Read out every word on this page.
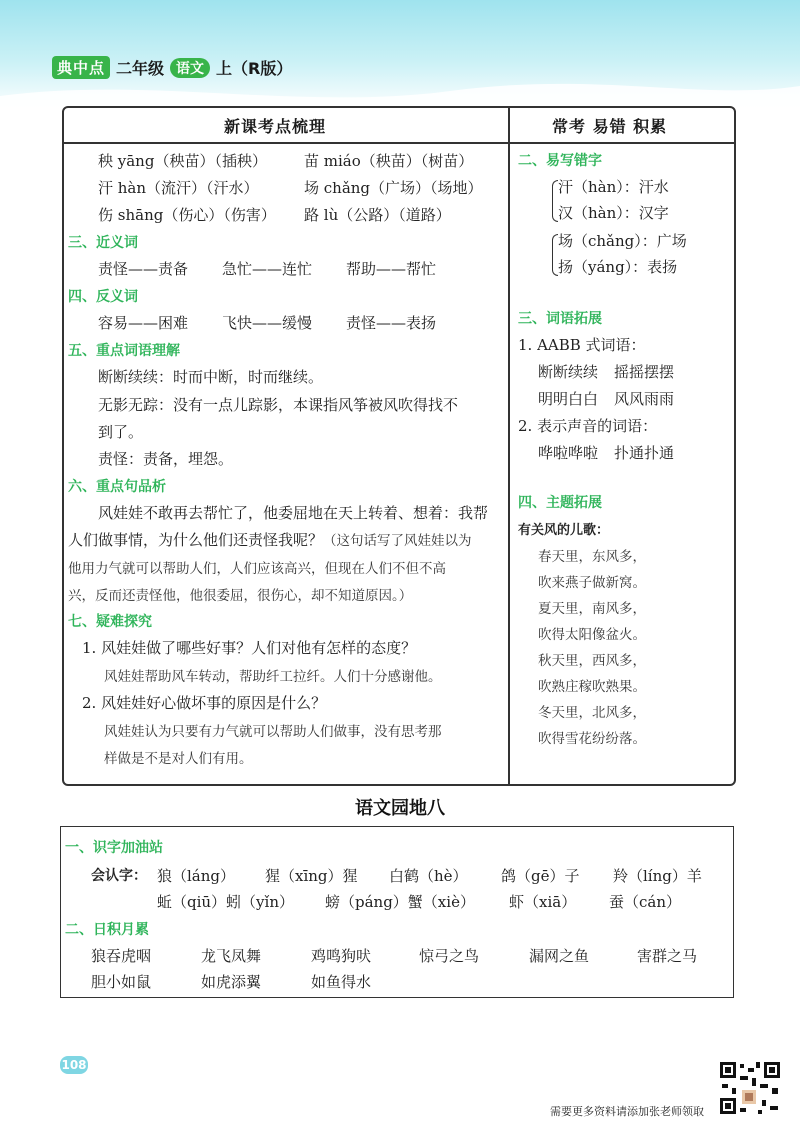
典中点 二年级 语文 上（R版）
新课考点梳理	常考 易错 积累
秧 yāng（秧苗）（插秧） 苗 miáo（秧苗）（树苗）
汗 hàn（流汗）（汗水）	场 chǎng（广场）（场地）
伤 shāng（伤心）（伤害） 路 lù（公路）（道路）
三、近义词
责怪——责备 急忙——连忙 帮助——帮忙
四、反义词
容易——困难 飞快——缓慢 责怪——表扬
五、重点词语理解
断断续续：时而中断，时而继续。
无影无踪：没有一点儿踪影，本课指风筝被风吹得找不
到了。
责怪：责备，埋怨。
六、重点句品析
风娃娃不敢再去帮忙了，他委屈地在天上转着、想着：我帮
人们做事情，为什么他们还责怪我呢？（这句话写了风娃娃以为
他用力气就可以帮助人们，人们应该高兴，但现在人们不但不高
兴，反而还责怪他，他很委屈，很伤心，却不知道原因。）
七、疑难探究
1. 风娃娃做了哪些好事？人们对他有怎样的态度？
风娃娃帮助风车转动，帮助纤工拉纤。人们十分感谢他。
2. 风娃娃好心做坏事的原因是什么？
风娃娃认为只要有力气就可以帮助人们做事，没有思考那
样做是不是对人们有用。
二、易写错字
汗（hàn）：汗水
汉（hàn）：汉字
场（chǎng）：广场
扬（yáng）：表扬
三、词语拓展
1. AABB 式词语：
断断续续 摇摇摆摆
明明白白 风风雨雨
2. 表示声音的词语：
哗啦哗啦 扑通扑通
四、主题拓展
有关风的儿歌：
春天里，东风多，
吹来燕子做新窝。
夏天里，南风多，
吹得太阳像盆火。
秋天里，西风多，
吹熟庄稼吹熟果。
冬天里，北风多，
吹得雪花纷纷落。
语文园地八
一、识字加油站
会认字： 狼（láng） 猩（xīng）猩 白鹤（hè） 鸽（gē）子 羚（líng）羊
蚯（qiū）蚓（yǐn） 螃（páng）蟹（xiè） 虾（xiā） 蚕（cán）
二、日积月累
狼吞虎咽	龙飞凤舞	鸡鸣狗吠	惊弓之鸟	漏网之鱼	害群之马
胆小如鼠	如虎添翼	如鱼得水
108
需要更多资料请添加张老师领取
